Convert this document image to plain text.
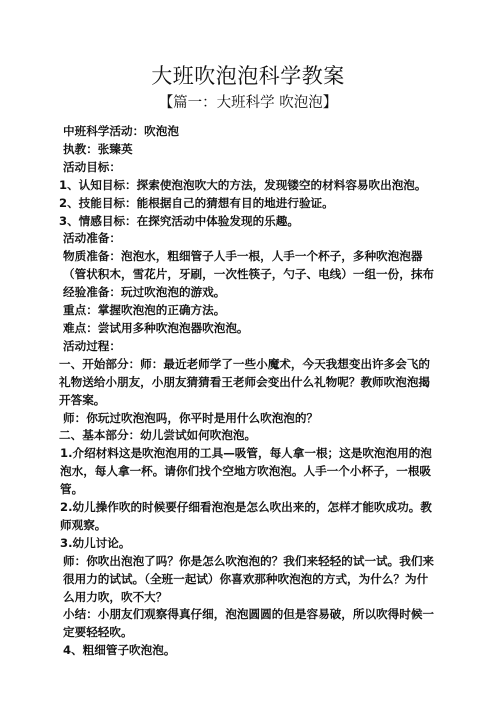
大班吹泡泡科学教案
【篇一：大班科学 吹泡泡】

中班科学活动：吹泡泡

执教：张臻英

活动目标：

1、认知目标：探索使泡泡吹大的方法，发现镂空的材料容易吹出泡泡。

2、技能目标：能根据自己的猜想有目的地进行验证。

3、情感目标：在探究活动中体验发现的乐趣。

活动准备：

物质准备：泡泡水，粗细管子人手一根，人手一个杯子，多种吹泡泡器（管状积木，雪花片，牙刷，一次性筷子，勺子、电线）一组一份，抹布

经验准备：玩过吹泡泡的游戏。

重点：掌握吹泡泡的正确方法。

难点：尝试用多种吹泡泡器吹泡泡。

活动过程：

一、开始部分：师：最近老师学了一些小魔术，今天我想变出许多会飞的礼物送给小朋友，小朋友猜猜看王老师会变出什么礼物呢？教师吹泡泡揭开答案。

师：你玩过吹泡泡吗，你平时是用什么吹泡泡的？

二、基本部分：幼儿尝试如何吹泡泡。

1.介绍材料这是吹泡泡用的工具—吸管，每人拿一根；这是吹泡泡用的泡泡水，每人拿一杯。请你们找个空地方吹泡泡。人手一个小杯子，一根吸管。

2.幼儿操作吹的时候要仔细看泡泡是怎么吹出来的，怎样才能吹成功。教师观察。

3.幼儿讨论。

师：你吹出泡泡了吗？你是怎么吹泡泡的？我们来轻轻的试一试。我们来很用力的试试。（全班一起试）你喜欢那种吹泡泡的方式，为什么？为什么用力吹，吹不大？

小结：小朋友们观察得真仔细，泡泡圆圆的但是容易破，所以吹得时候一定要轻轻吹。

4、粗细管子吹泡泡。
